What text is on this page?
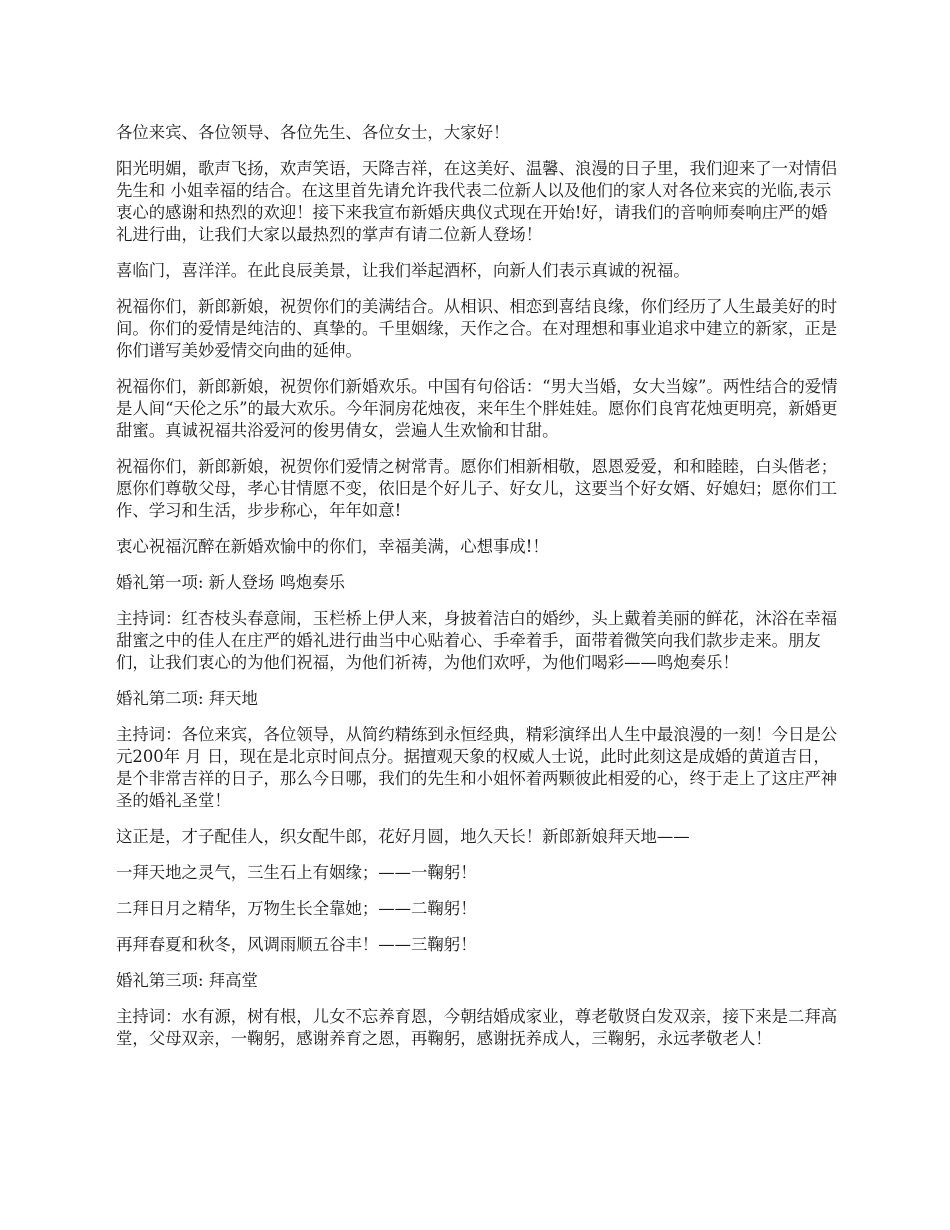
各位来宾、各位领导、各位先生、各位女士，大家好！

阳光明媚，歌声飞扬，欢声笑语，天降吉祥，在这美好、温馨、浪漫的日子里，我们迎来了一对情侣 先生和 小姐幸福的结合。在这里首先请允许我代表二位新人以及他们的家人对各位来宾的光临,表示衷心的感谢和热烈的欢迎！接下来我宣布新婚庆典仪式现在开始!好，请我们的音响师奏响庄严的婚礼进行曲，让我们大家以最热烈的掌声有请二位新人登场！

喜临门，喜洋洋。在此良辰美景，让我们举起酒杯，向新人们表示真诚的祝福。

祝福你们，新郎新娘，祝贺你们的美满结合。从相识、相恋到喜结良缘，你们经历了人生最美好的时间。你们的爱情是纯洁的、真挚的。千里姻缘，天作之合。在对理想和事业追求中建立的新家，正是你们谱写美妙爱情交向曲的延伸。

祝福你们，新郎新娘，祝贺你们新婚欢乐。中国有句俗话：“男大当婚，女大当嫁”。两性结合的爱情是人间“天伦之乐”的最大欢乐。今年洞房花烛夜，来年生个胖娃娃。愿你们良宵花烛更明亮，新婚更甜蜜。真诚祝福共浴爱河的俊男倩女，尝遍人生欢愉和甘甜。

祝福你们，新郎新娘，祝贺你们爱情之树常青。愿你们相新相敬，恩恩爱爱，和和睦睦，白头偕老；愿你们尊敬父母，孝心甘情愿不变，依旧是个好儿子、好女儿，这要当个好女婿、好媳妇；愿你们工作、学习和生活，步步称心，年年如意!

衷心祝福沉醉在新婚欢愉中的你们，幸福美满，心想事成!！

婚礼第一项: 新人登场 鸣炮奏乐

主持词：红杏枝头春意闹，玉栏桥上伊人来，身披着洁白的婚纱，头上戴着美丽的鲜花，沐浴在幸福甜蜜之中的佳人在庄严的婚礼进行曲当中心贴着心、手牵着手，面带着微笑向我们款步走来。朋友们，让我们衷心的为他们祝福，为他们祈祷，为他们欢呼，为他们喝彩——鸣炮奏乐！

婚礼第二项: 拜天地

主持词：各位来宾，各位领导，从简约精练到永恒经典，精彩演绎出人生中最浪漫的一刻！今日是公元200年 月 日，现在是北京时间点分。据擅观天象的权威人士说，此时此刻这是成婚的黄道吉日，是个非常吉祥的日子，那么今日哪，我们的先生和小姐怀着两颗彼此相爱的心，终于走上了这庄严神圣的婚礼圣堂！

这正是，才子配佳人，织女配牛郎，花好月圆，地久天长！新郎新娘拜天地——

一拜天地之灵气，三生石上有姻缘；——一鞠躬！

二拜日月之精华，万物生长全靠她；——二鞠躬！

再拜春夏和秋冬，风调雨顺五谷丰！——三鞠躬！

婚礼第三项: 拜高堂

主持词：水有源，树有根，儿女不忘养育恩，今朝结婚成家业，尊老敬贤白发双亲，接下来是二拜高堂，父母双亲，一鞠躬，感谢养育之恩，再鞠躬，感谢抚养成人，三鞠躬，永远孝敬老人！
